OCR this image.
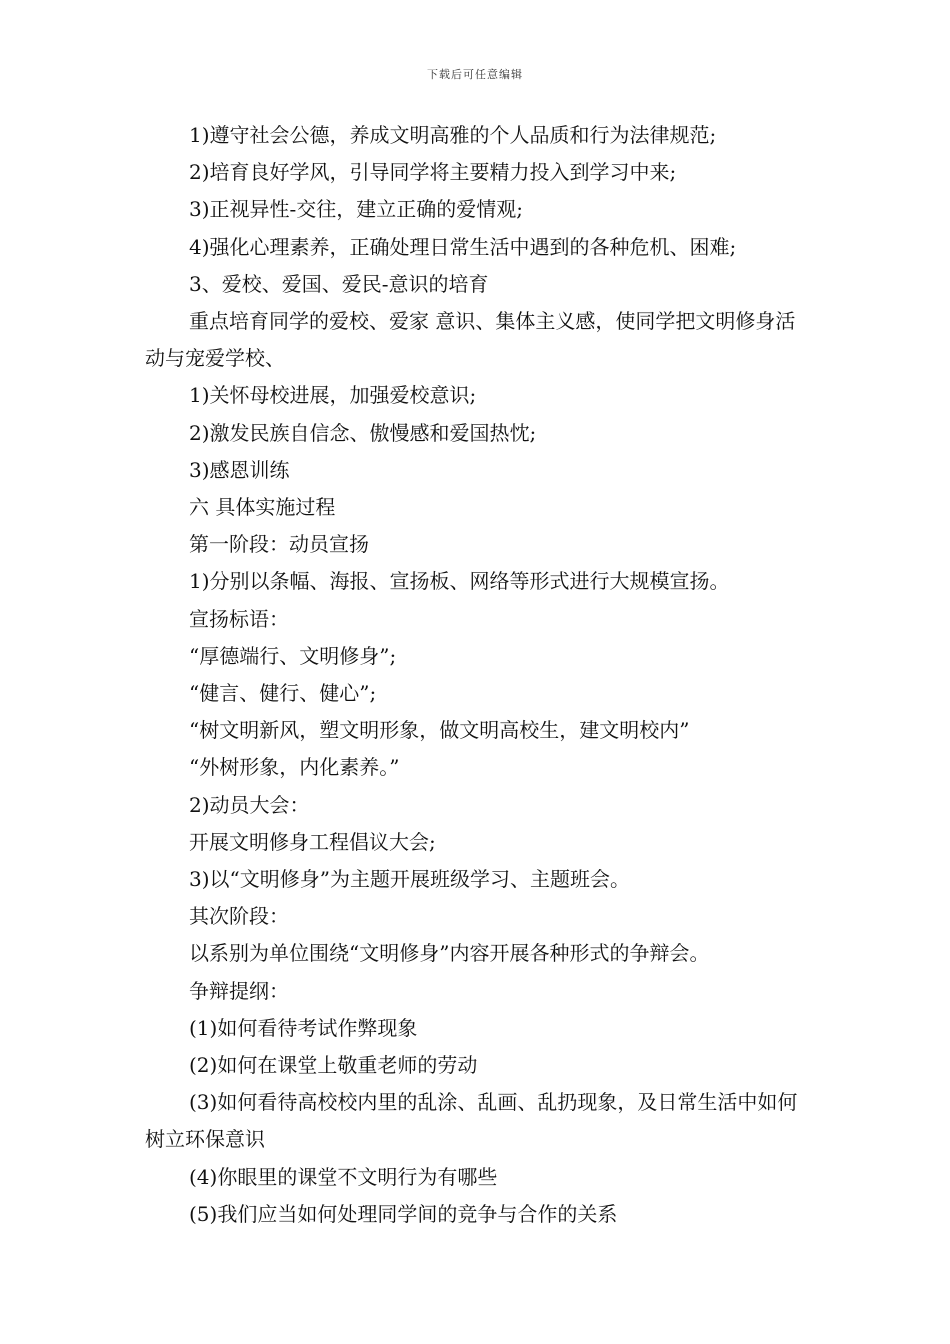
下载后可任意编辑

1)遵守社会公德，养成文明高雅的个人品质和行为法律规范;

2)培育良好学风，引导同学将主要精力投入到学习中来;

3)正视异性-交往，建立正确的爱情观;

4)强化心理素养，正确处理日常生活中遇到的各种危机、困难;

3、爱校、爱国、爱民-意识的培育

重点培育同学的爱校、爱家 意识、集体主义感，使同学把文明修身活动与宠爱学校、

1)关怀母校进展，加强爱校意识;

2)激发民族自信念、傲慢感和爱国热忱;

3)感恩训练

六 具体实施过程

第一阶段：动员宣扬

1)分别以条幅、海报、宣扬板、网络等形式进行大规模宣扬。

宣扬标语：

“厚德端行、文明修身”;

“健言、健行、健心”;

“树文明新风，塑文明形象，做文明高校生，建文明校内”

“外树形象，内化素养。”

2)动员大会：

开展文明修身工程倡议大会;

3)以“文明修身”为主题开展班级学习、主题班会。

其次阶段：

以系别为单位围绕“文明修身”内容开展各种形式的争辩会。

争辩提纲：

(1)如何看待考试作弊现象

(2)如何在课堂上敬重老师的劳动

(3)如何看待高校校内里的乱涂、乱画、乱扔现象，及日常生活中如何树立环保意识

(4)你眼里的课堂不文明行为有哪些

(5)我们应当如何处理同学间的竞争与合作的关系
